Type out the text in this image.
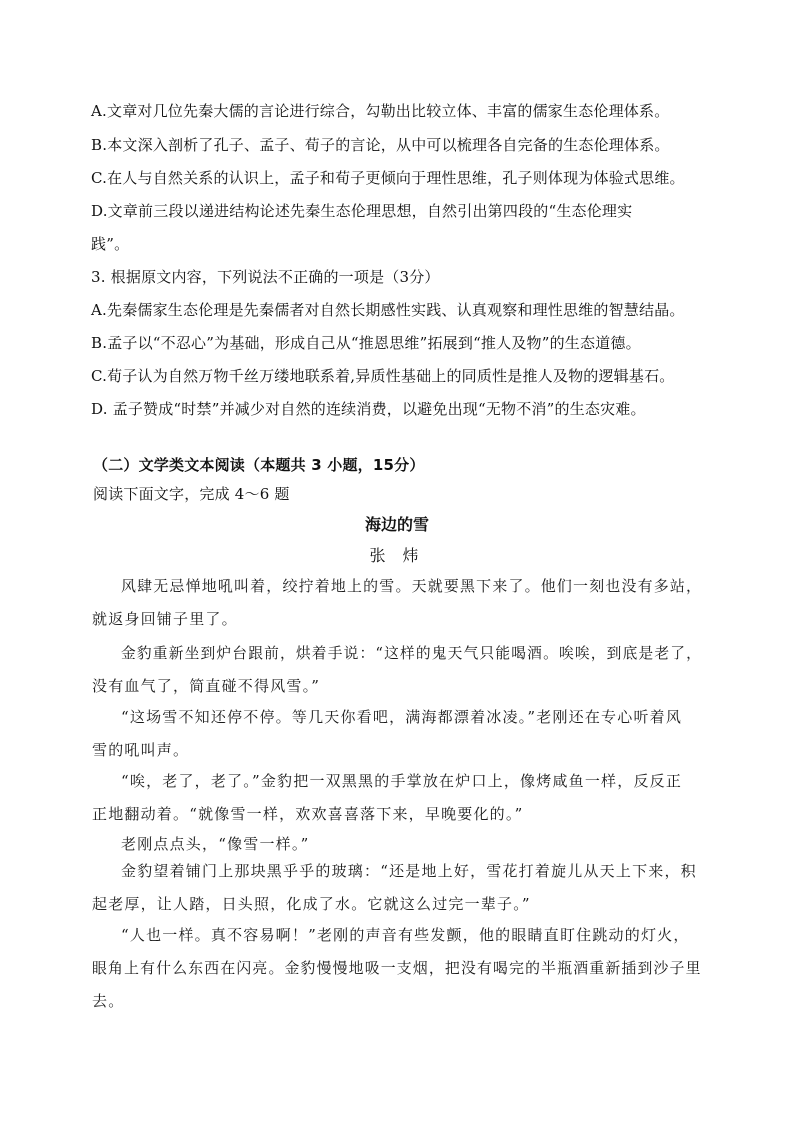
A.文章对几位先秦大儒的言论进行综合，勾勒出比较立体、丰富的儒家生态伦理体系。
B.本文深入剖析了孔子、孟子、荀子的言论，从中可以梳理各自完备的生态伦理体系。
C.在人与自然关系的认识上，孟子和荀子更倾向于理性思维，孔子则体现为体验式思维。
D.文章前三段以递进结构论述先秦生态伦理思想，自然引出第四段的“生态伦理实
践”。
3. 根据原文内容，下列说法不正确的一项是（3分）
A.先秦儒家生态伦理是先秦儒者对自然长期感性实践、认真观察和理性思维的智慧结晶。
B.孟子以“不忍心”为基础，形成自己从“推恩思维”拓展到“推人及物”的生态道德。
C.荀子认为自然万物千丝万缕地联系着,异质性基础上的同质性是推人及物的逻辑基石。
D. 孟子赞成“时禁”并减少对自然的连续消费，以避免出现“无物不消”的生态灾难。
（二）文学类文本阅读（本题共 3 小题，15分）
阅读下面文字，完成 4～6 题
海边的雪
张 炜
风肆无忌惮地吼叫着，绞拧着地上的雪。天就要黑下来了。他们一刻也没有多站，
就返身回铺子里了。
金豹重新坐到炉台跟前，烘着手说：“这样的鬼天气只能喝酒。唉唉，到底是老了，
没有血气了，简直碰不得风雪。”
“这场雪不知还停不停。等几天你看吧，满海都漂着冰凌。”老刚还在专心听着风
雪的吼叫声。
“唉，老了，老了。”金豹把一双黑黑的手掌放在炉口上，像烤咸鱼一样，反反正
正地翻动着。“就像雪一样，欢欢喜喜落下来，早晚要化的。”
老刚点点头，“像雪一样。”
金豹望着铺门上那块黑乎乎的玻璃：“还是地上好，雪花打着旋儿从天上下来，积
起老厚，让人踏，日头照，化成了水。它就这么过完一辈子。”
“人也一样。真不容易啊！”老刚的声音有些发颤，他的眼睛直盯住跳动的灯火，
眼角上有什么东西在闪亮。金豹慢慢地吸一支烟，把没有喝完的半瓶酒重新插到沙子里
去。
